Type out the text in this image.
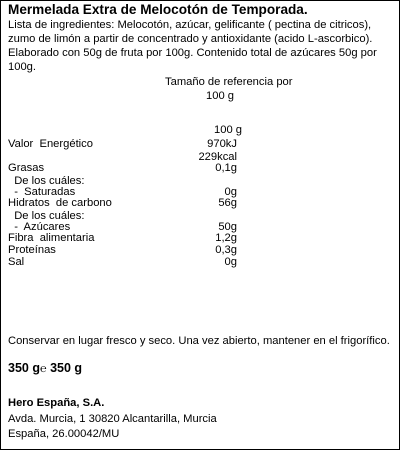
Mermelada Extra de Melocotón de Temporada.
Lista de ingredientes: Melocotón, azúcar, gelificante ( pectina de citricos), zumo de limón a partir de concentrado y antioxidante (acido L-ascorbico). Elaborado con 50g de fruta por 100g. Contenido total de azúcares 50g por 100g.
Tamaño de referencia por
100 g
100 g
Valor  Energético	970kJ
229kcal
Grasas	0,1g
De los cuáles:
-  Saturadas	0g
Hidratos  de carbono	56g
De los cuáles:
-  Azúcares	50g
Fibra  alimentaria	1,2g
Proteínas	0,3g
Sal	0g
Conservar en lugar fresco y seco. Una vez abierto, mantener en el frigorífico.
350 g℮ 350 g
Hero España, S.A.
Avda. Murcia, 1 30820 Alcantarilla, Murcia
España, 26.00042/MU
